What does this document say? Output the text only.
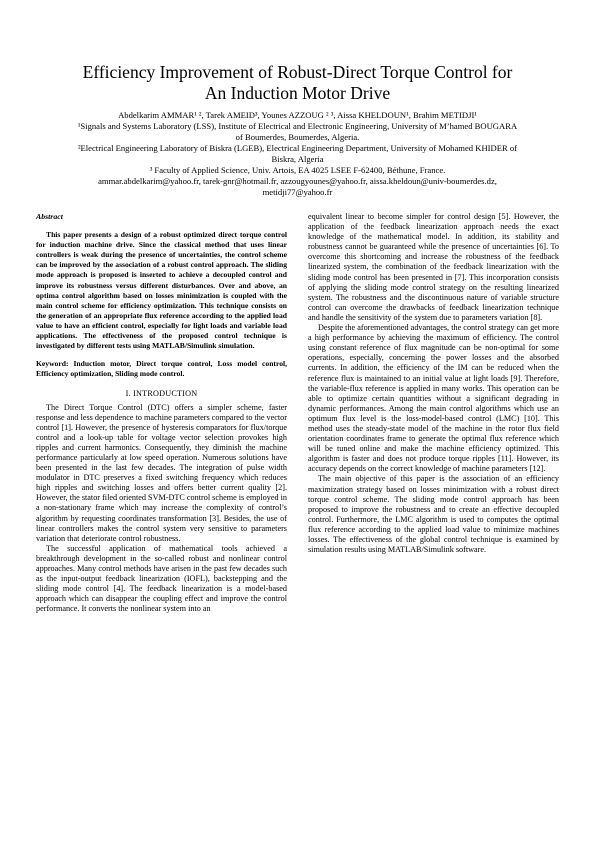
Efficiency Improvement of Robust-Direct Torque Control for
An Induction Motor Drive
Abdelkarim AMMAR¹ ², Tarek AMEID³, Younes AZZOUG ² ³, Aissa KHELDOUN¹, Brahim METIDJI¹
¹Signals and Systems Laboratory (LSS), Institute of Electrical and Electronic Engineering, University of M’hamed BOUGARA
of Boumerdes, Boumerdes, Algeria.
²Electrical Engineering Laboratory of Biskra (LGEB), Electrical Engineering Department, University of Mohamed KHIDER of
Biskra, Algeria
³ Faculty of Applied Science, Univ. Artois, EA 4025 LSEE F-62400, Béthune, France.
ammar.abdelkarim@yahoo.fr, tarek-gnr@hotmail.fr, azzougyounes@yahoo.fr, aissa.kheldoun@univ-boumerdes.dz,
metidji77@yahoo.fr
Abstract

This paper presents a design of a robust optimized direct torque control for induction machine drive. Since the classical method that uses linear controllers is weak during the presence of uncertainties, the control scheme can be improved by the association of a robust control approach. The sliding mode approach is proposed is inserted to achieve a decoupled control and improve its robustness versus different disturbances. Over and above, an optima control algorithm based on losses minimization is coupled with the main control scheme for efficiency optimization. This technique consists on the generation of an appropriate flux reference according to the applied load value to have an efficient control, especially for light loads and variable load applications. The effectiveness of the proposed control technique is investigated by different tests using MATLAB/Simulink simulation.

Keyword: Induction motor, Direct torque control, Loss model control, Efficiency optimization, Sliding mode control.

I. INTRODUCTION

The Direct Torque Control (DTC) offers a simpler scheme, faster response and less dependence to machine parameters compared to the vector control [1]. However, the presence of hysteresis comparators for flux/torque control and a look-up table for voltage vector selection provokes high ripples and current harmonics. Consequently, they diminish the machine performance particularly at low speed operation. Numerous solutions have been presented in the last few decades. The integration of pulse width modulator in DTC preserves a fixed switching frequency which reduces high ripples and switching losses and offers better current quality [2]. However, the stator filed oriented SVM-DTC control scheme is employed in a non-stationary frame which may increase the complexity of control’s algorithm by requesting coordinates transformation [3]. Besides, the use of linear controllers makes the control system very sensitive to parameters variation that deteriorate control robustness.

The successful application of mathematical tools achieved a breakthrough development in the so-called robust and nonlinear control approaches. Many control methods have arisen in the past few decades such as the input-output feedback linearization (IOFL), backstepping and the sliding mode control [4]. The feedback linearization is a model-based approach which can disappear the coupling effect and improve the control performance. It converts the nonlinear system into an

equivalent linear to become simpler for control design [5]. However, the application of the feedback linearization approach needs the exact knowledge of the mathematical model. In addition, its stability and robustness cannot be guaranteed while the presence of uncertainties [6]. To overcome this shortcoming and increase the robustness of the feedback linearized system, the combination of the feedback linearization with the sliding mode control has been presented in [7]. This incorporation consists of applying the sliding mode control strategy on the resulting linearized system. The robustness and the discontinuous nature of variable structure control can overcome the drawbacks of feedback linearization technique and handle the sensitivity of the system due to parameters variation [8].

Despite the aforementioned advantages, the control strategy can get more a high performance by achieving the maximum of efficiency. The control using constant reference of flux magnitude can be non-optimal for some operations, especially, concerning the power losses and the absorbed currents. In addition, the efficiency of the IM can be reduced when the reference flux is maintained to an initial value at light loads [9]. Therefore, the variable-flux reference is applied in many works. This operation can be able to optimize certain quantities without a significant degrading in dynamic performances. Among the main control algorithms which use an optimum flux level is the loss-model-based control (LMC) [10]. This method uses the steady-state model of the machine in the rotor flux field orientation coordinates frame to generate the optimal flux reference which will be tuned online and make the machine efficiency optimized. This algorithm is faster and does not produce torque ripples [11]. However, its accuracy depends on the correct knowledge of machine parameters [12].

The main objective of this paper is the association of an efficiency maximization strategy based on losses minimization with a robust direct torque control scheme. The sliding mode control approach has been proposed to improve the robustness and to create an effective decoupled control. Furthermore, the LMC algorithm is used to computes the optimal flux reference according to the applied load value to minimize machines losses. The effectiveness of the global control technique is examined by simulation results using MATLAB/Simulink software.
